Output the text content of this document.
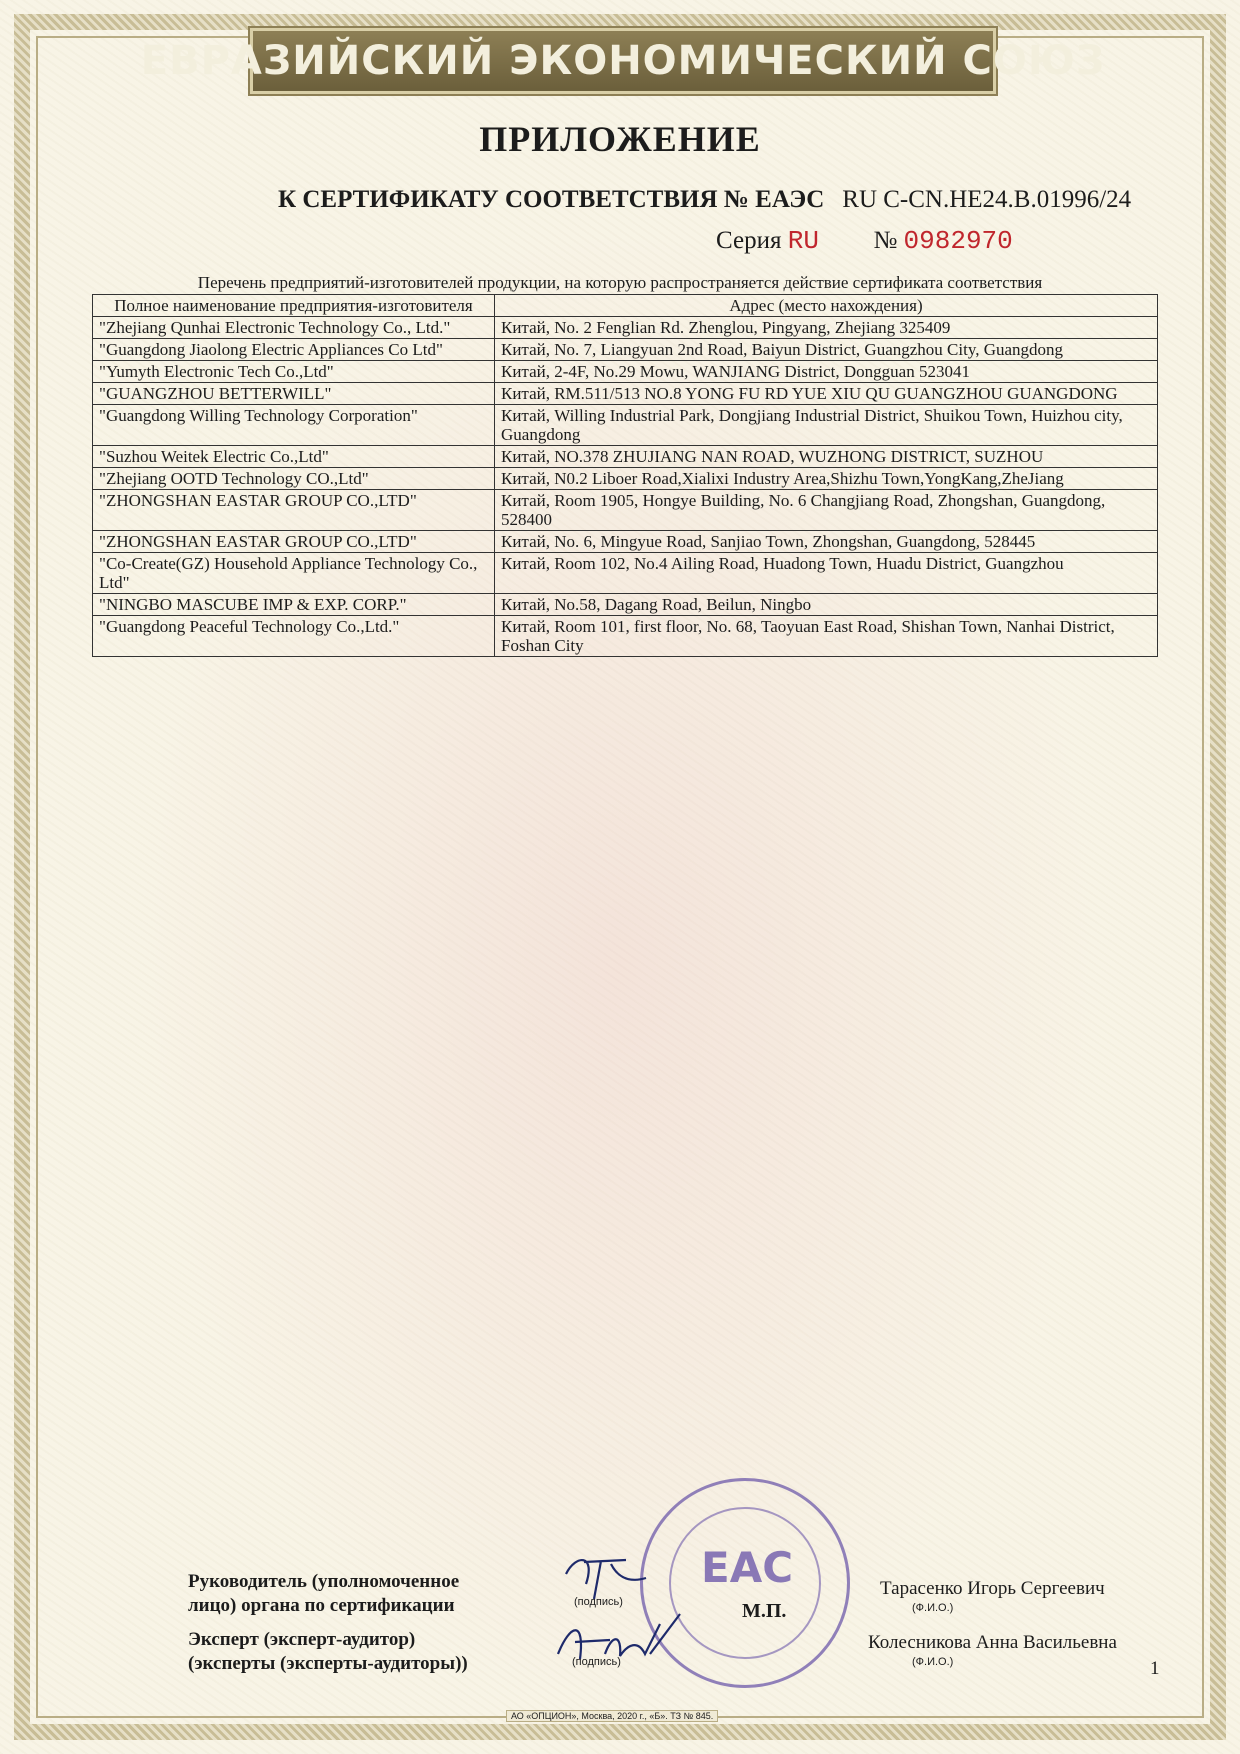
ЕВРАЗИЙСКИЙ ЭКОНОМИЧЕСКИЙ СОЮЗ
ПРИЛОЖЕНИЕ
К СЕРТИФИКАТУ СООТВЕТСТВИЯ № ЕАЭС RU C-CN.HE24.B.01996/24
Серия RU № 0982970
Перечень предприятий-изготовителей продукции, на которую распространяется действие сертификата соответствия
Полное наименование предприятия-изготовителя	Адрес (место нахождения)
"Zhejiang Qunhai Electronic Technology Co., Ltd."	Китай, No. 2 Fenglian Rd. Zhenglou, Pingyang, Zhejiang 325409
"Guangdong Jiaolong Electric Appliances Co Ltd"	Китай, No. 7, Liangyuan 2nd Road, Baiyun District, Guangzhou City, Guangdong
"Yumyth Electronic Tech Co.,Ltd"	Китай, 2-4F, No.29 Mowu, WANJIANG District, Dongguan 523041
"GUANGZHOU BETTERWILL"	Китай, RM.511/513 NO.8 YONG FU RD YUE XIU QU GUANGZHOU GUANGDONG
"Guangdong Willing Technology Corporation"	Китай, Willing Industrial Park, Dongjiang Industrial District, Shuikou Town, Huizhou city, Guangdong
"Suzhou Weitek Electric Co.,Ltd"	Китай, NO.378 ZHUJIANG NAN ROAD, WUZHONG DISTRICT, SUZHOU
"Zhejiang OOTD Technology CO.,Ltd"	Китай, N0.2 Liboer Road,Xialixi Industry Area,Shizhu Town,YongKang,ZheJiang
"ZHONGSHAN EASTAR GROUP CO.,LTD"	Китай, Room 1905, Hongye Building, No. 6 Changjiang Road, Zhongshan, Guangdong, 528400
"ZHONGSHAN EASTAR GROUP CO.,LTD"	Китай, No. 6, Mingyue Road, Sanjiao Town, Zhongshan, Guangdong, 528445
"Co-Create(GZ) Household Appliance Technology Co., Ltd"	Китай, Room 102, No.4 Ailing Road, Huadong Town, Huadu District, Guangzhou
"NINGBO MASCUBE IMP & EXP. CORP."	Китай, No.58, Dagang Road, Beilun, Ningbo
"Guangdong Peaceful Technology Co.,Ltd."	Китай, Room 101, first floor, No. 68, Taoyuan East Road, Shishan Town, Nanhai District, Foshan City
ЕАС
М.П.
Руководитель (уполномоченное
лицо) органа по сертификации	(подпись)
Тарасенко Игорь Сергеевич
(Ф.И.О.)
Эксперт (эксперт-аудитор)
(эксперты (эксперты-аудиторы))	(подпись)
Колесникова Анна Васильевна
(Ф.И.О.)	1
АО «ОПЦИОН», Москва, 2020 г., «Б». ТЗ № 845.
